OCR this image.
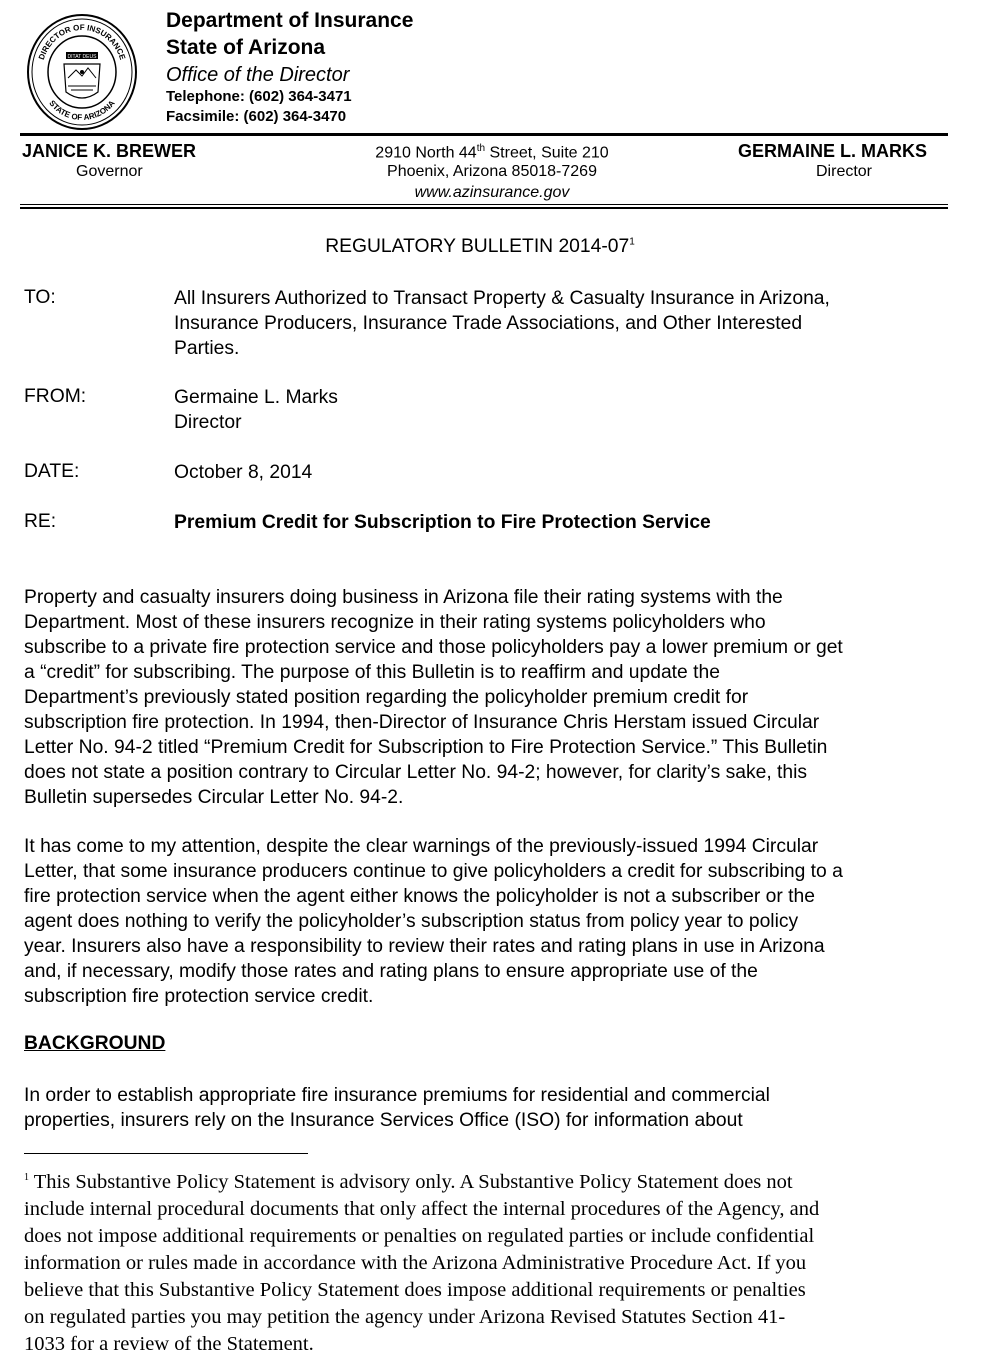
DIRECTOR OF INSURANCE
STATE OF ARIZONA
DITAT DEUS
Department of Insurance
State of Arizona
Office of the Director
Telephone: (602) 364-3471
Facsimile: (602) 364-3470
JANICE K. BREWER
Governor
2910 North 44th Street, Suite 210
Phoenix, Arizona 85018-7269
www.azinsurance.gov
GERMAINE L. MARKS
Director
REGULATORY BULLETIN $2014-07^1$
TO:	All Insurers Authorized to Transact Property & Casualty Insurance in Arizona,
Insurance Producers, Insurance Trade Associations, and Other Interested
Parties.
FROM:	Germaine L. Marks
Director
DATE:	October 8, 2014
RE:	Premium Credit for Subscription to Fire Protection Service
Property and casualty insurers doing business in Arizona file their rating systems with the
Department. Most of these insurers recognize in their rating systems policyholders who
subscribe to a private fire protection service and those policyholders pay a lower premium or get
a “credit” for subscribing. The purpose of this Bulletin is to reaffirm and update the
Department’s previously stated position regarding the policyholder premium credit for
subscription fire protection. In 1994, then-Director of Insurance Chris Herstam issued Circular
Letter No. 94-2 titled “Premium Credit for Subscription to Fire Protection Service.” This Bulletin
does not state a position contrary to Circular Letter No. 94-2; however, for clarity’s sake, this
Bulletin supersedes Circular Letter No. 94-2.
It has come to my attention, despite the clear warnings of the previously-issued 1994 Circular
Letter, that some insurance producers continue to give policyholders a credit for subscribing to a
fire protection service when the agent either knows the policyholder is not a subscriber or the
agent does nothing to verify the policyholder’s subscription status from policy year to policy
year. Insurers also have a responsibility to review their rates and rating plans in use in Arizona
and, if necessary, modify those rates and rating plans to ensure appropriate use of the
subscription fire protection service credit.
BACKGROUND
In order to establish appropriate fire insurance premiums for residential and commercial
properties, insurers rely on the Insurance Services Office (ISO) for information about
$^1$ This Substantive Policy Statement is advisory only. A Substantive Policy Statement does not
include internal procedural documents that only affect the internal procedures of the Agency, and
does not impose additional requirements or penalties on regulated parties or include confidential
information or rules made in accordance with the Arizona Administrative Procedure Act. If you
believe that this Substantive Policy Statement does impose additional requirements or penalties
on regulated parties you may petition the agency under Arizona Revised Statutes Section 41-
1033 for a review of the Statement.
